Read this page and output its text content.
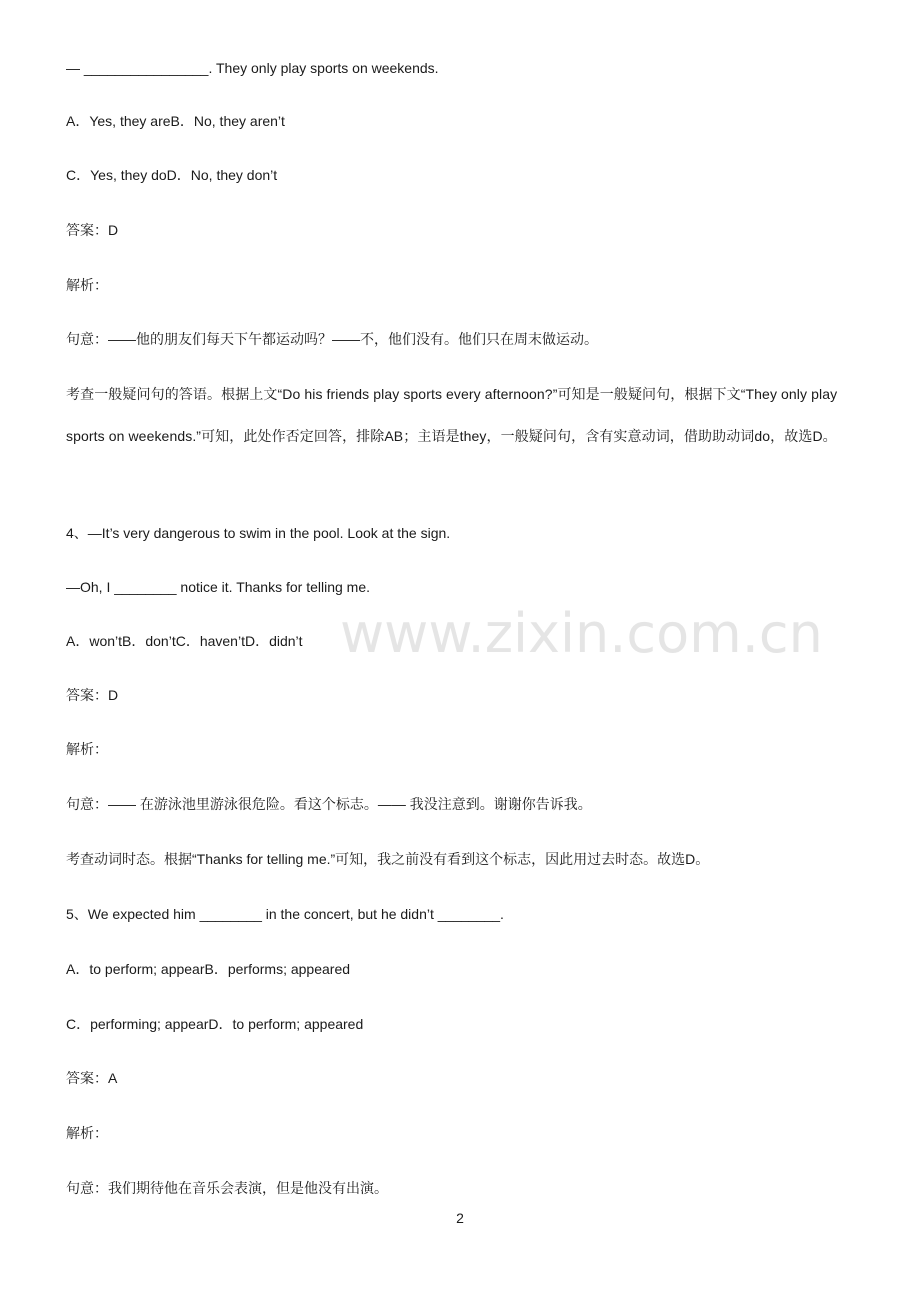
— ________________. They only play sports on weekends.
A．Yes, they areB．No, they aren’t
C．Yes, they doD．No, they don’t
答案：D
解析：
句意：——他的朋友们每天下午都运动吗？——不，他们没有。他们只在周末做运动。
考查一般疑问句的答语。根据上文“Do his friends play sports every afternoon?”可知是一般疑问句，根据下文“They only play sports on weekends.”可知，此处作否定回答，排除AB；主语是they，一般疑问句，含有实意动词，借助助动词do，故选D。
4、—It’s very dangerous to swim in the pool. Look at the sign.
—Oh, I ________ notice it. Thanks for telling me.
A．won’tB．don’tC．haven’tD．didn’t
答案：D
解析：
句意：—— 在游泳池里游泳很危险。看这个标志。—— 我没注意到。谢谢你告诉我。
考查动词时态。根据“Thanks for telling me.”可知，我之前没有看到这个标志，因此用过去时态。故选D。
5、We expected him ________ in the concert, but he didn’t ________.
A．to perform; appearB．performs; appeared
C．performing; appearD．to perform; appeared
答案：A
解析：
句意：我们期待他在音乐会表演，但是他没有出演。
www.zixin.com.cn
2
